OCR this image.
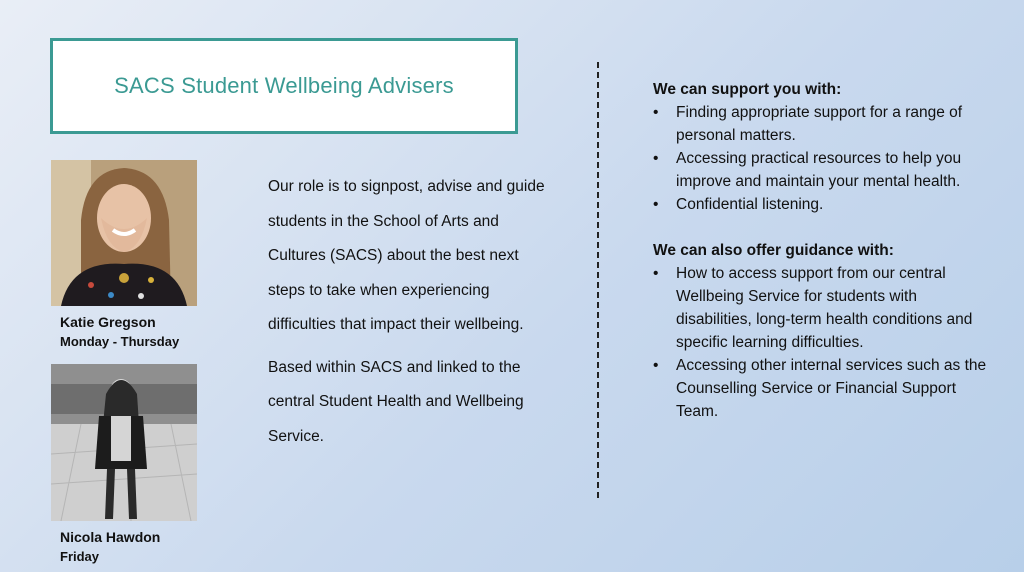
SACS Student Wellbeing Advisers
Katie Gregson
Monday - Thursday
Nicola Hawdon
Friday

Our role is to signpost, advise and guide students in the School of Arts and Cultures (SACS) about the best next steps to take when experiencing difficulties that impact their wellbeing.

Based within SACS and linked to the central Student Health and Wellbeing Service.

We can support you with:
• Finding appropriate support for a range of personal matters.
• Accessing practical resources to help you improve and maintain your mental health.
• Confidential listening.
We can also offer guidance with:
• How to access support from our central Wellbeing Service for students with disabilities, long-term health conditions and specific learning difficulties.
• Accessing other internal services such as the Counselling Service or Financial Support Team.
